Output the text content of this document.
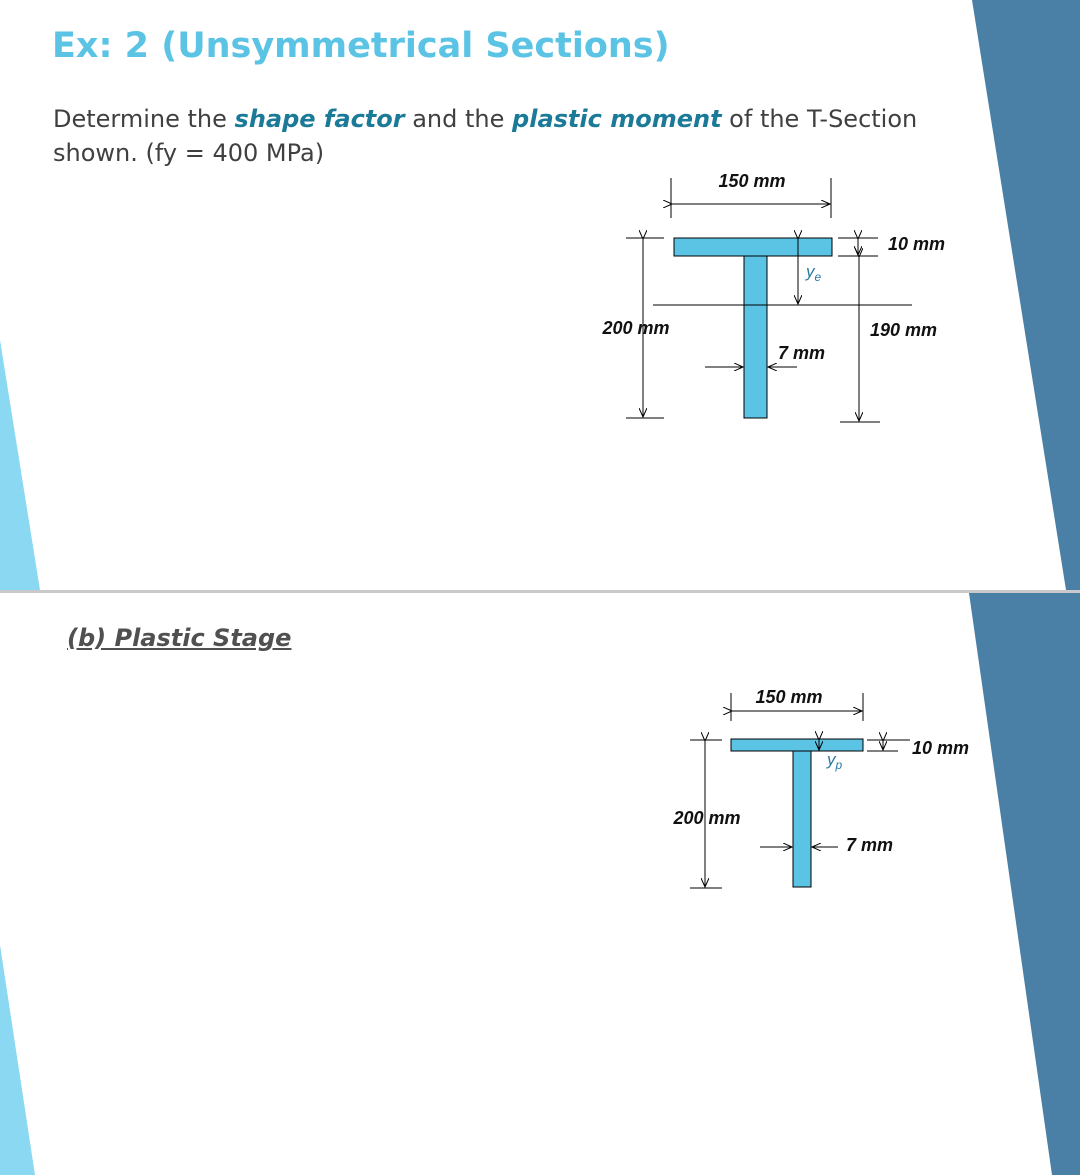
Ex: 2 (Unsymmetrical Sections)

Determine the shape factor and the plastic moment of the T-Section shown. (fy = 400 MPa)

150 mm
200 mm
$y_e$
10 mm
190 mm
7 mm
(b) Plastic Stage
150 mm
200 mm
$y_p$
10 mm
7 mm
